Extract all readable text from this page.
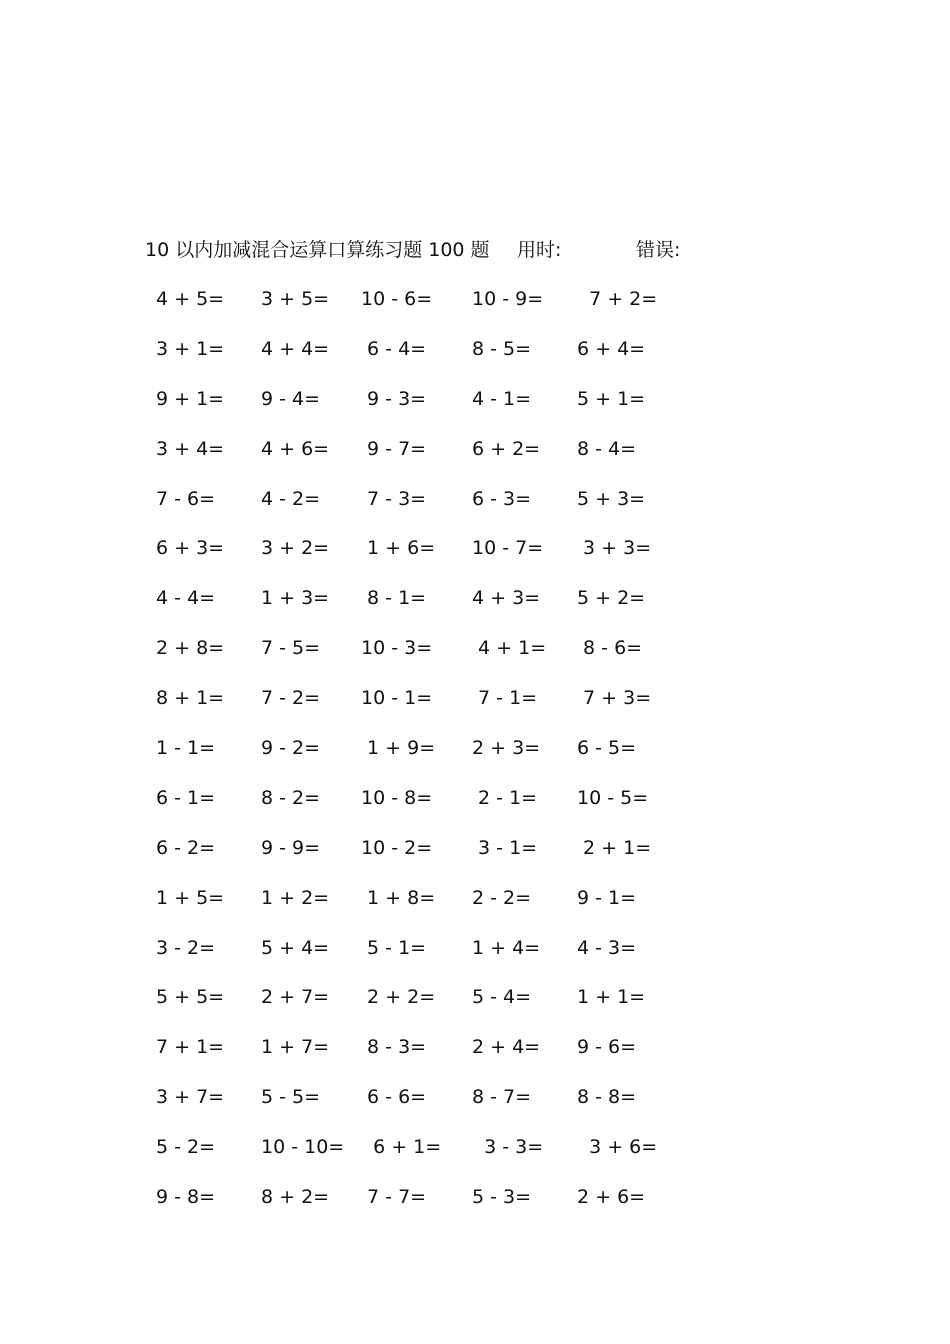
10 以内加减混合运算口算练习题 100 题 用时:	错误:
4 + 5= 3 + 5= 10 - 6= 10 - 9= 7 + 2=
3 + 1= 4 + 4= 6 - 4= 8 - 5= 6 + 4=
9 + 1= 9 - 4= 9 - 3= 4 - 1= 5 + 1=
3 + 4= 4 + 6= 9 - 7= 6 + 2= 8 - 4=
7 - 6= 4 - 2= 7 - 3= 6 - 3= 5 + 3=
6 + 3= 3 + 2= 1 + 6= 10 - 7= 3 + 3=
4 - 4= 1 + 3= 8 - 1= 4 + 3= 5 + 2=
2 + 8= 7 - 5= 10 - 3= 4 + 1= 8 - 6=
8 + 1= 7 - 2= 10 - 1= 7 - 1= 7 + 3=
1 - 1= 9 - 2= 1 + 9= 2 + 3= 6 - 5=
6 - 1= 8 - 2= 10 - 8= 2 - 1= 10 - 5=
6 - 2= 9 - 9= 10 - 2= 3 - 1= 2 + 1=
1 + 5= 1 + 2= 1 + 8= 2 - 2= 9 - 1=
3 - 2= 5 + 4= 5 - 1= 1 + 4= 4 - 3=
5 + 5= 2 + 7= 2 + 2= 5 - 4= 1 + 1=
7 + 1= 1 + 7= 8 - 3= 2 + 4= 9 - 6=
3 + 7= 5 - 5= 6 - 6= 8 - 7= 8 - 8=
5 - 2= 10 - 10= 6 + 1= 3 - 3= 3 + 6=
9 - 8= 8 + 2= 7 - 7= 5 - 3= 2 + 6=
